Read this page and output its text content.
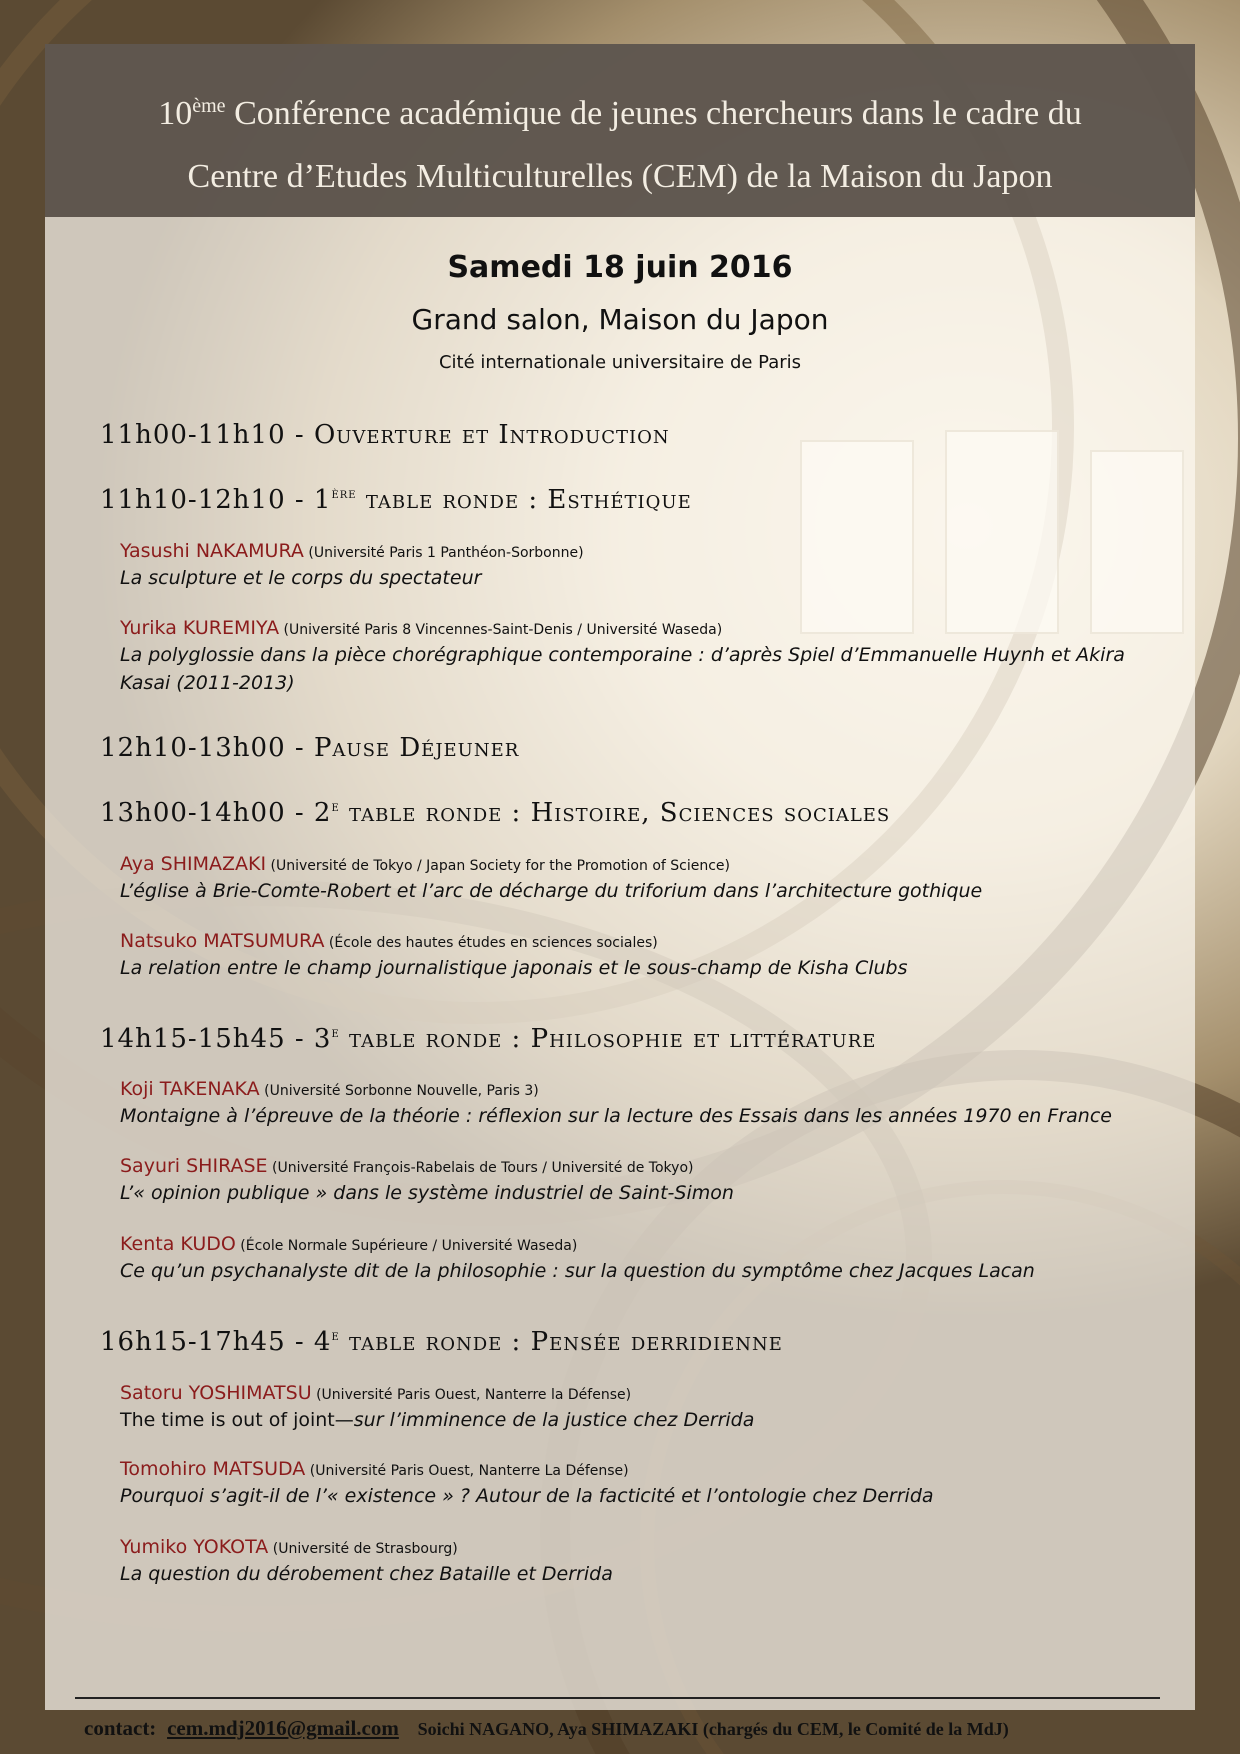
10ème Conférence académique de jeunes chercheurs dans le cadre du
Centre d’Etudes Multiculturelles (CEM) de la Maison du Japon
Samedi 18 juin 2016
Grand salon, Maison du Japon
Cité internationale universitaire de Paris
11h00-11h10 - Ouverture et Introduction
11h10-12h10 - 1ère table ronde : Esthétique
Yasushi NAKAMURA (Université Paris 1 Panthéon-Sorbonne)
La sculpture et le corps du spectateur
Yurika KUREMIYA (Université Paris 8 Vincennes-Saint-Denis / Université Waseda)
La polyglossie dans la pièce chorégraphique contemporaine : d’après Spiel d’Emmanuelle Huynh et Akira Kasai (2011-2013)
12h10-13h00 - Pause Déjeuner
13h00-14h00 - 2e table ronde : Histoire, Sciences sociales
Aya SHIMAZAKI (Université de Tokyo / Japan Society for the Promotion of Science)
L’église à Brie-Comte-Robert et l’arc de décharge du triforium dans l’architecture gothique
Natsuko MATSUMURA (École des hautes études en sciences sociales)
La relation entre le champ journalistique japonais et le sous-champ de Kisha Clubs
14h15-15h45 - 3e table ronde : Philosophie et littérature
Koji TAKENAKA (Université Sorbonne Nouvelle, Paris 3)
Montaigne à l’épreuve de la théorie : réflexion sur la lecture des Essais dans les années 1970 en France
Sayuri SHIRASE (Université François-Rabelais de Tours / Université de Tokyo)
L’« opinion publique » dans le système industriel de Saint-Simon
Kenta KUDO (École Normale Supérieure / Université Waseda)
Ce qu’un psychanalyste dit de la philosophie : sur la question du symptôme chez Jacques Lacan
16h15-17h45 - 4e table ronde : Pensée derridienne
Satoru YOSHIMATSU (Université Paris Ouest, Nanterre la Défense)
The time is out of joint—sur l’imminence de la justice chez Derrida
Tomohiro MATSUDA (Université Paris Ouest, Nanterre La Défense)
Pourquoi s’agit-il de l’« existence » ? Autour de la facticité et l’ontologie chez Derrida
Yumiko YOKOTA (Université de Strasbourg)
La question du dérobement chez Bataille et Derrida
contact: cem.mdj2016@gmail.com Soichi NAGANO, Aya SHIMAZAKI (chargés du CEM, le Comité de la MdJ)
